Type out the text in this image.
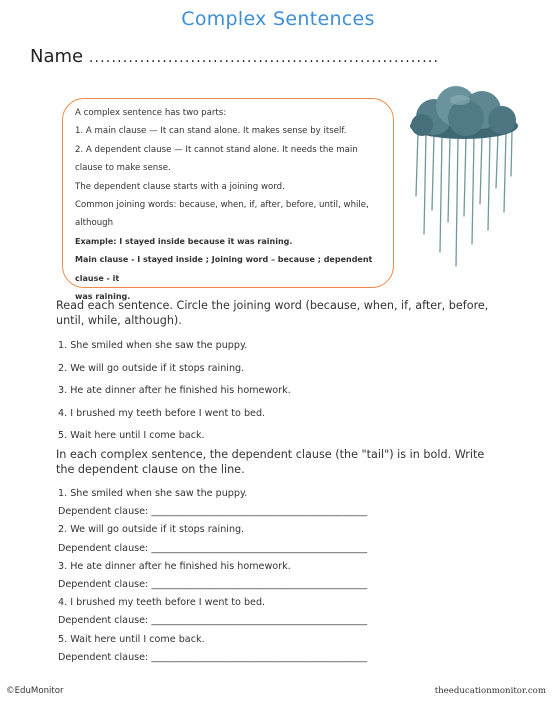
Complex Sentences
Name ..............................................................

A complex sentence has two parts:

1. A main clause — It can stand alone. It makes sense by itself.

2. A dependent clause — It cannot stand alone. It needs the main

clause to make sense.

The dependent clause starts with a joining word.

Common joining words: because, when, if, after, before, until, while,

although

Example: I stayed inside because it was raining.

Main clause - I stayed inside ; Joining word – because ; dependent clause - it

was raining.

Read each sentence. Circle the joining word (because, when, if, after, before, until, while, although).
1. She smiled when she saw the puppy.
2. We will go outside if it stops raining.
3. He ate dinner after he finished his homework.
4. I brushed my teeth before I went to bed.
5. Wait here until I come back.
In each complex sentence, the dependent clause (the "tail") is in bold. Write the dependent clause on the line.
1. She smiled when she saw the puppy.
Dependent clause: _____________________________________________
2. We will go outside if it stops raining.
Dependent clause: _____________________________________________
3. He ate dinner after he finished his homework.
Dependent clause: _____________________________________________
4. I brushed my teeth before I went to bed.
Dependent clause: _____________________________________________
5. Wait here until I come back.
Dependent clause: _____________________________________________
©EduMonitor	theeducationmonitor.com
